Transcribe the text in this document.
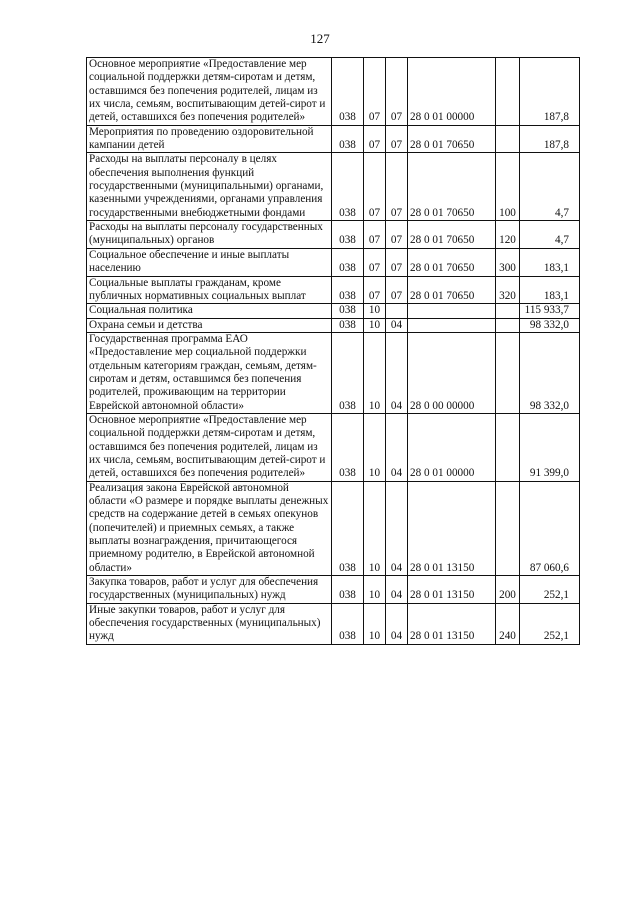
127
Основное мероприятие «Предоставление мер социальной поддержки детям-сиротам и детям, оставшимся без попечения родителей, лицам из их числа, семьям, воспитывающим детей-сирот и детей, оставшихся без попечения родителей»	038	07	07	28 0 01 00000		187,8
Мероприятия по проведению оздоровительной кампании детей	038	07	07	28 0 01 70650		187,8
Расходы на выплаты персоналу в целях обеспечения выполнения функций государственными (муниципальными) органами, казенными учреждениями, органами управления государственными внебюджетными фондами	038	07	07	28 0 01 70650	100	4,7
Расходы на выплаты персоналу государственных (муниципальных) органов	038	07	07	28 0 01 70650	120	4,7
Социальное обеспечение и иные выплаты населению	038	07	07	28 0 01 70650	300	183,1
Социальные выплаты гражданам, кроме публичных нормативных социальных выплат	038	07	07	28 0 01 70650	320	183,1
Социальная политика	038	10				115 933,7
Охрана семьи и детства	038	10	04			98 332,0
Государственная программа ЕАО «Предоставление мер социальной поддержки отдельным категориям граждан, семьям, детям-сиротам и детям, оставшимся без попечения родителей, проживающим на территории Еврейской автономной области»	038	10	04	28 0 00 00000		98 332,0
Основное мероприятие «Предоставление мер социальной поддержки детям-сиротам и детям, оставшимся без попечения родителей, лицам из их числа, семьям, воспитывающим детей-сирот и детей, оставшихся без попечения родителей»	038	10	04	28 0 01 00000		91 399,0
Реализация закона Еврейской автономной области «О размере и порядке выплаты денежных средств на содержание детей в семьях опекунов (попечителей) и приемных семьях, а также выплаты вознаграждения, причитающегося приемному родителю, в Еврейской автономной области»	038	10	04	28 0 01 13150		87 060,6
Закупка товаров, работ и услуг для обеспечения государственных (муниципальных) нужд	038	10	04	28 0 01 13150	200	252,1
Иные закупки товаров, работ и услуг для обеспечения государственных (муниципальных) нужд	038	10	04	28 0 01 13150	240	252,1
